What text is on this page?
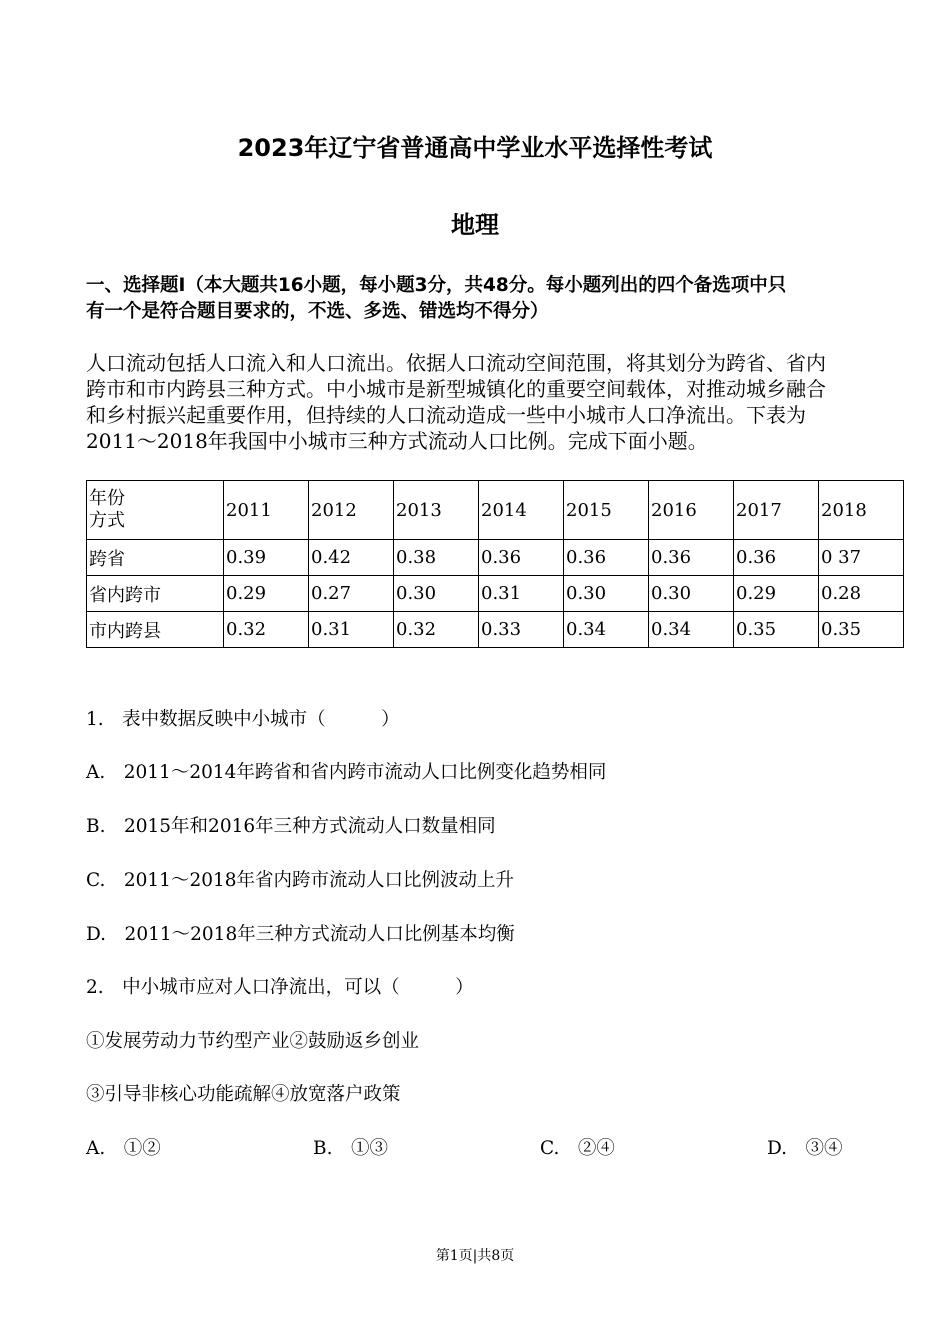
2023年辽宁省普通高中学业水平选择性考试
地理
一、选择题Ⅰ（本大题共16小题，每小题3分，共48分。每小题列出的四个备选项中只
有一个是符合题目要求的，不选、多选、错选均不得分）
人口流动包括人口流入和人口流出。依据人口流动空间范围，将其划分为跨省、省内
跨市和市内跨县三种方式。中小城市是新型城镇化的重要空间载体，对推动城乡融合
和乡村振兴起重要作用，但持续的人口流动造成一些中小城市人口净流出。下表为
2011～2018年我国中小城市三种方式流动人口比例。完成下面小题。
年份
方式	2011	2012	2013	2014	2015	2016	2017	2018
跨省	0.39	0.42	0.38	0.36	0.36	0.36	0.36	0 37
省内跨市	0.29	0.27	0.30	0.31	0.30	0.30	0.29	0.28
市内跨县	0.32	0.31	0.32	0.33	0.34	0.34	0.35	0.35
1.　表中数据反映中小城市（　　　）
A.　2011～2014年跨省和省内跨市流动人口比例变化趋势相同
B.　2015年和2016年三种方式流动人口数量相同
C.　2011～2018年省内跨市流动人口比例波动上升
D.　2011～2018年三种方式流动人口比例基本均衡
2.　中小城市应对人口净流出，可以（　　　）
①发展劳动力节约型产业②鼓励返乡创业
③引导非核心功能疏解④放宽落户政策
A.　①②	B.　①③	C.　②④	D.　③④
第1页|共8页
